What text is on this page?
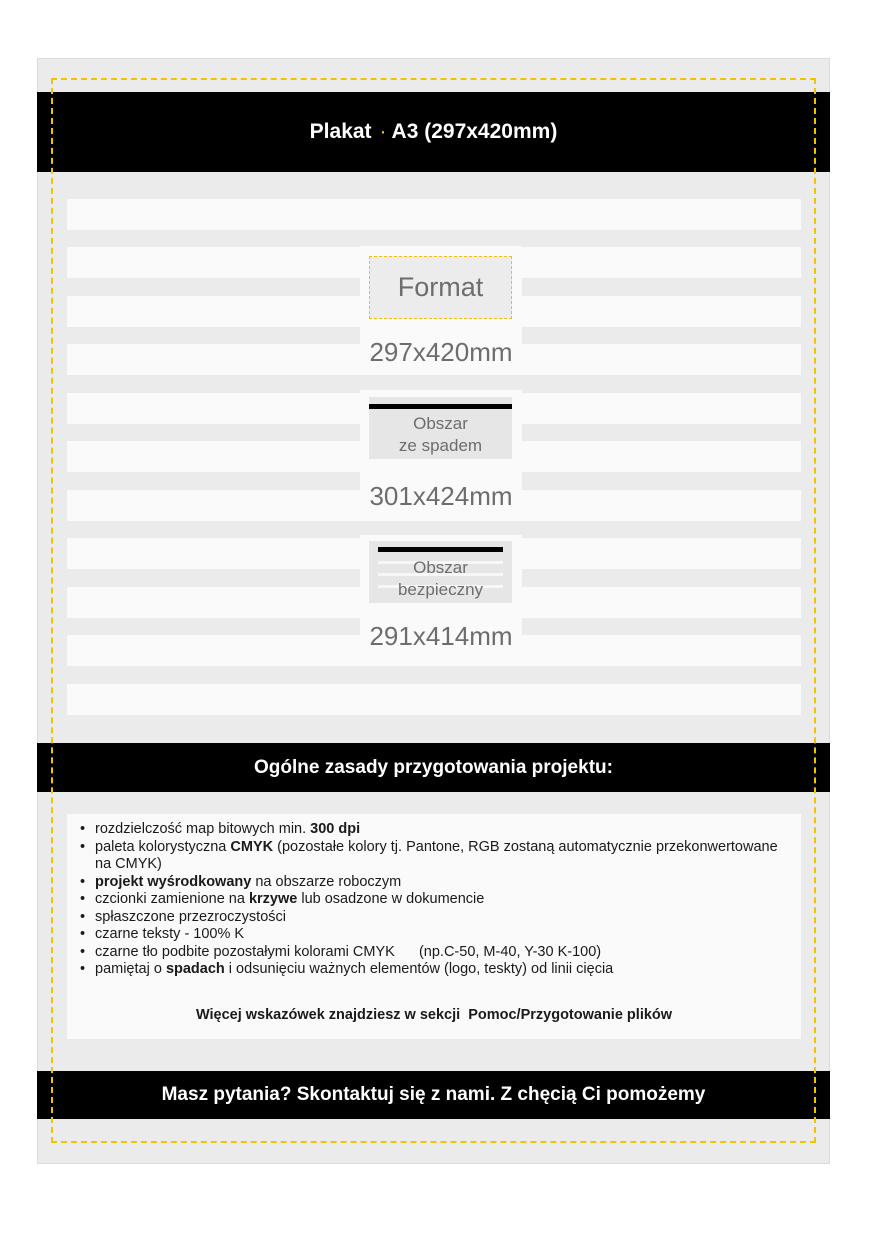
Plakat · A3 (297x420mm)
Format
297x420mm
Obszar
ze spadem
301x424mm
Obszar
bezpieczny
291x414mm
Ogólne zasady przygotowania projektu:
• rozdzielczość map bitowych min. 300 dpi
• paleta kolorystyczna CMYK (pozostałe kolory tj. Pantone, RGB zostaną automatycznie przekonwertowane na CMYK)
• projekt wyśrodkowany na obszarze roboczym
• czcionki zamienione na krzywe lub osadzone w dokumencie
• spłaszczone przezroczystości
• czarne teksty - 100% K
• czarne tło podbite pozostałymi kolorami CMYK      (np.C-50, M-40, Y-30 K-100)
• pamiętaj o spadach i odsunięciu ważnych elementów (logo, teskty) od linii cięcia
Więcej wskazówek znajdziesz w sekcji  Pomoc/Przygotowanie plików
Masz pytania? Skontaktuj się z nami. Z chęcią Ci pomożemy
